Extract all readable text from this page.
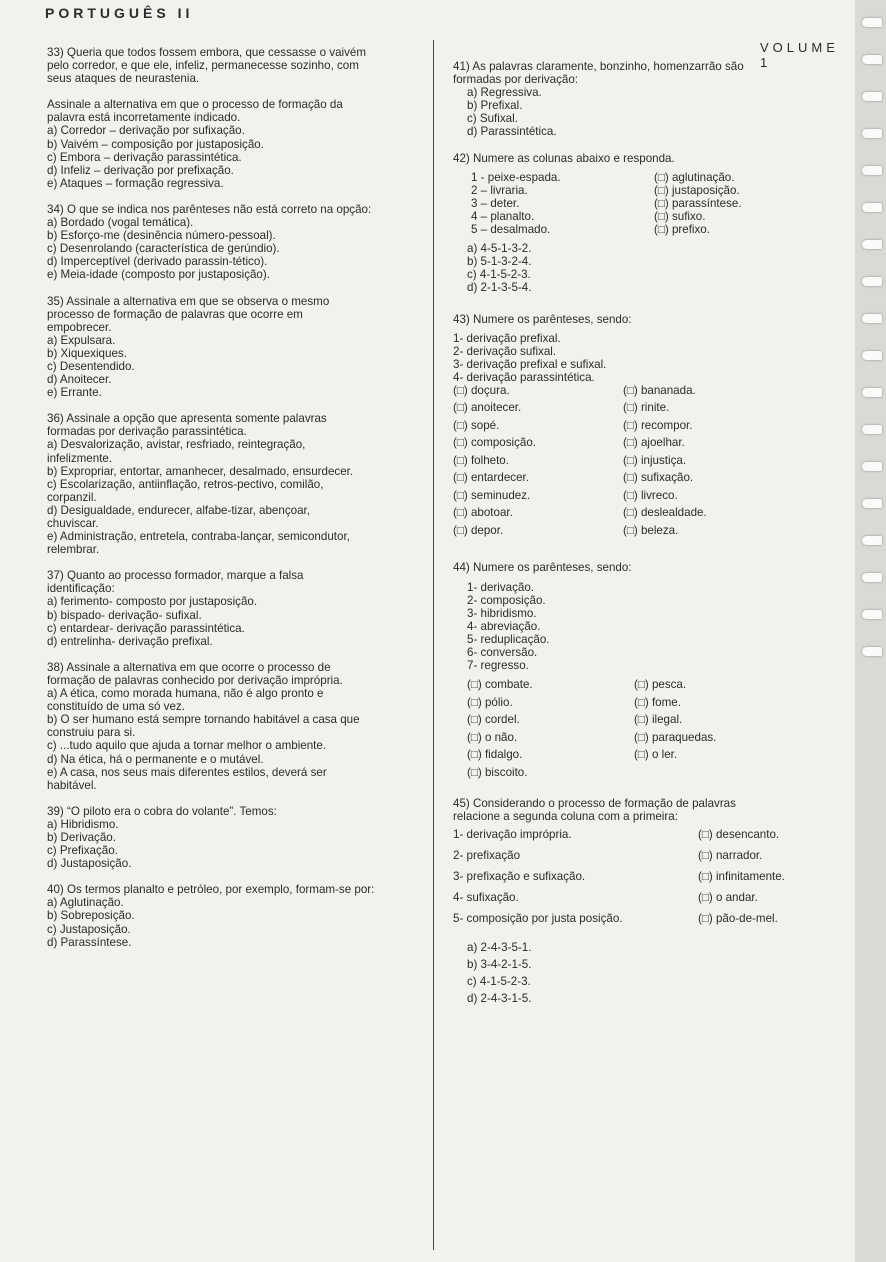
PORTUGUÊS II
VOLUME 1
33) Queria que todos fossem embora, que cessasse o vaivém
pelo corredor, e que ele, infeliz, permanecesse sozinho, com
seus ataques de neurastenia.
Assinale a alternativa em que o processo de formação da
palavra está incorretamente indicado.
a) Corredor – derivação por sufixação.
b) Vaivém – composição por justaposição.
c) Embora – derivação parassintética.
d) Infeliz – derivação por prefixação.
e) Ataques – formação regressiva.
34) O que se indica nos parênteses não está correto na opção:
a) Bordado (vogal temática).
b) Esforço-me (desinência número-pessoal).
c) Desenrolando (característica de gerúndio).
d) Imperceptível (derivado parassin-tético).
e) Meia-idade (composto por justaposição).
35) Assinale a alternativa em que se observa o mesmo
processo de formação de palavras que ocorre em
empobrecer.
a) Expulsara.
b) Xiquexiques.
c) Desentendido.
d) Anoitecer.
e) Errante.
36) Assinale a opção que apresenta somente palavras
formadas por derivação parassintética.
a) Desvalorização, avistar, resfriado, reintegração,
infelizmente.
b) Expropriar, entortar, amanhecer, desalmado, ensurdecer.
c) Escolarização, antiinflação, retros-pectivo, comilão,
corpanzil.
d) Desigualdade, endurecer, alfabe-tizar, abençoar,
chuviscar.
e) Administração, entretela, contraba-lançar, semicondutor,
relembrar.
37) Quanto ao processo formador, marque a falsa
identificação:
a) ferimento- composto por justaposição.
b) bispado- derivação- sufixal.
c) entardear- derivação parassintética.
d) entrelinha- derivação prefixal.
38) Assinale a alternativa em que ocorre o processo de
formação de palavras conhecido por derivação imprópria.
a) A ética, como morada humana, não é algo pronto e
constituído de uma só vez.
b) O ser humano está sempre tornando habitável a casa que
construiu para si.
c) ...tudo aquilo que ajuda a tornar melhor o ambiente.
d) Na ética, há o permanente e o mutável.
e) A casa, nos seus mais diferentes estilos, deverá ser
habitável.
39) “O piloto era o cobra do volante”. Temos:
a) Hibridismo.
b) Derivação.
c) Prefixação.
d) Justaposição.
40) Os termos planalto e petróleo, por exemplo, formam-se por:
a) Aglutinação.
b) Sobreposição.
c) Justaposição.
d) Parassíntese.
41) As palavras claramente, bonzinho, homenzarrão são
formadas por derivação:
a) Regressiva.
b) Prefixal.
c) Sufixal.
d) Parassintética.
42) Numere as colunas abaixo e responda.
1 - peixe-espada.	(□) aglutinação.
2 – livraria.	(□) justaposição.
3 – deter.	(□) parassíntese.
4 – planalto.	(□) sufixo.
5 – desalmado.	(□) prefixo.
a) 4-5-1-3-2.
b) 5-1-3-2-4.
c) 4-1-5-2-3.
d) 2-1-3-5-4.
43) Numere os parênteses, sendo:
1- derivação prefixal.
2- derivação sufixal.
3- derivação prefixal e sufixal.
4- derivação parassintética.
(□) doçura.	(□) bananada.
(□) anoitecer.	(□) rinite.
(□) sopé.	(□) recompor.
(□) composição.	(□) ajoelhar.
(□) folheto.	(□) injustiça.
(□) entardecer.	(□) sufixação.
(□) seminudez.	(□) livreco.
(□) abotoar.	(□) deslealdade.
(□) depor.	(□) beleza.
44) Numere os parênteses, sendo:
1- derivação.
2- composição.
3- hibridismo.
4- abreviação.
5- reduplicação.
6- conversão.
7- regresso.
(□) combate.	(□) pesca.
(□) pólio.	(□) fome.
(□) cordel.	(□) ilegal.
(□) o não.	(□) paraquedas.
(□) fidalgo.	(□) o ler.
(□) biscoito.
45) Considerando o processo de formação de palavras
relacione a segunda coluna com a primeira:
1- derivação imprópria.	(□) desencanto.
2- prefixação	(□) narrador.
3- prefixação e sufixação.	(□) infinitamente.
4- sufixação.	(□) o andar.
5- composição por justa posição.	(□) pão-de-mel.
a) 2-4-3-5-1.
b) 3-4-2-1-5.
c) 4-1-5-2-3.
d) 2-4-3-1-5.
